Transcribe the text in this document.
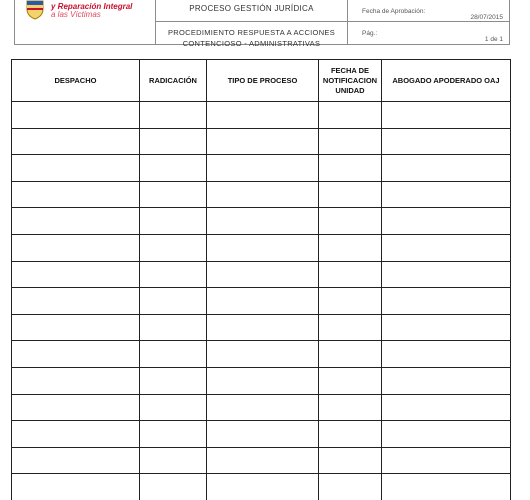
y Reparación Integral
a las Víctimas
PROCESO GESTIÓN JURÍDICA
PROCEDIMIENTO RESPUESTA A ACCIONES
CONTENCIOSO - ADMINISTRATIVAS
Fecha de Aprobación:
28/07/2015
Pág.:
1 de 1
DESPACHO	RADICACIÓN	TIPO DE PROCESO	FECHA DE NOTIFICACION UNIDAD	ABOGADO APODERADO OAJ
